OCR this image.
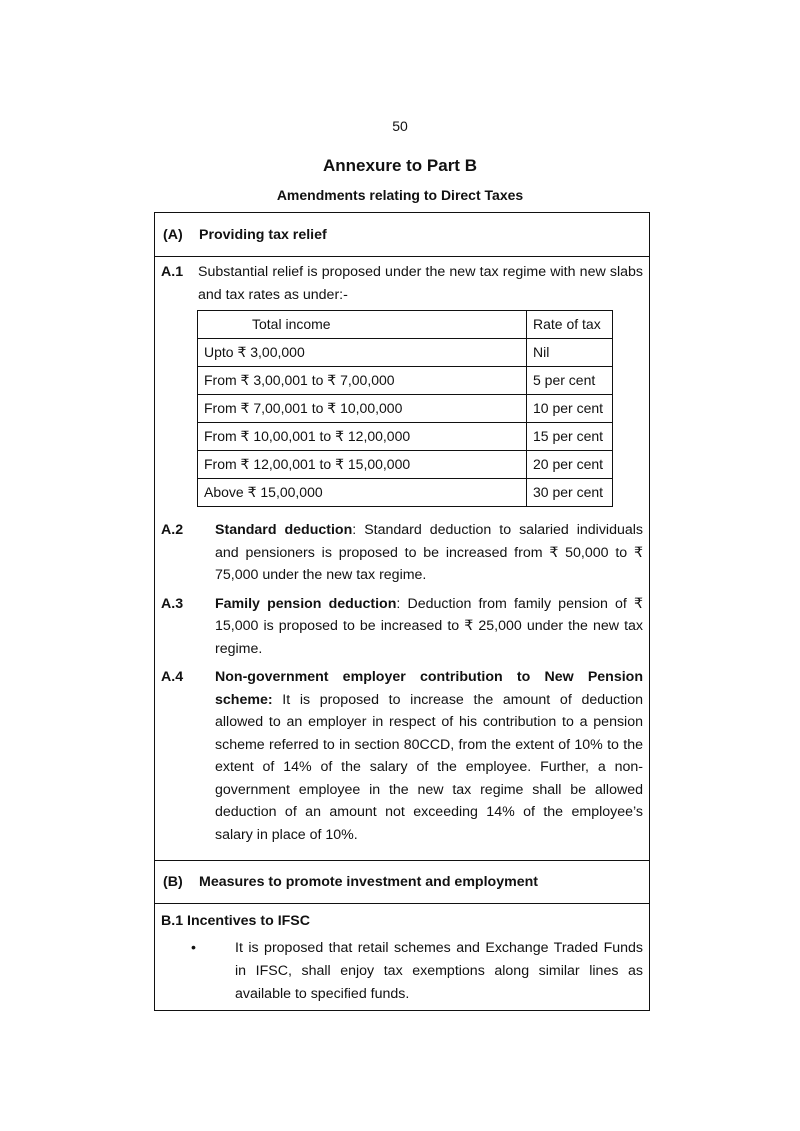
50
Annexure to Part B
Amendments relating to Direct Taxes
(A)	Providing tax relief
A.1	Substantial relief is proposed under the new tax regime with new slabs and tax rates as under:-
Total income	Rate of tax
Upto ₹ 3,00,000	Nil
From ₹ 3,00,001 to ₹ 7,00,000	5 per cent
From ₹ 7,00,001 to ₹ 10,00,000	10 per cent
From ₹ 10,00,001 to ₹ 12,00,000	15 per cent
From ₹ 12,00,001 to ₹ 15,00,000	20 per cent
Above ₹ 15,00,000	30 per cent
A.2	Standard deduction: Standard deduction to salaried individuals and pensioners is proposed to be increased from ₹ 50,000 to ₹ 75,000 under the new tax regime.
A.3	Family pension deduction: Deduction from family pension of ₹ 15,000 is proposed to be increased to ₹ 25,000 under the new tax regime.
A.4	Non-government employer contribution to New Pension scheme: It is proposed to increase the amount of deduction allowed to an employer in respect of his contribution to a pension scheme referred to in section 80CCD, from the extent of 10% to the extent of 14% of the salary of the employee. Further, a non-government employee in the new tax regime shall be allowed deduction of an amount not exceeding 14% of the employee’s salary in place of 10%.
(B)	Measures to promote investment and employment
B.1 Incentives to IFSC
•	It is proposed that retail schemes and Exchange Traded Funds in IFSC, shall enjoy tax exemptions along similar lines as available to specified funds.
